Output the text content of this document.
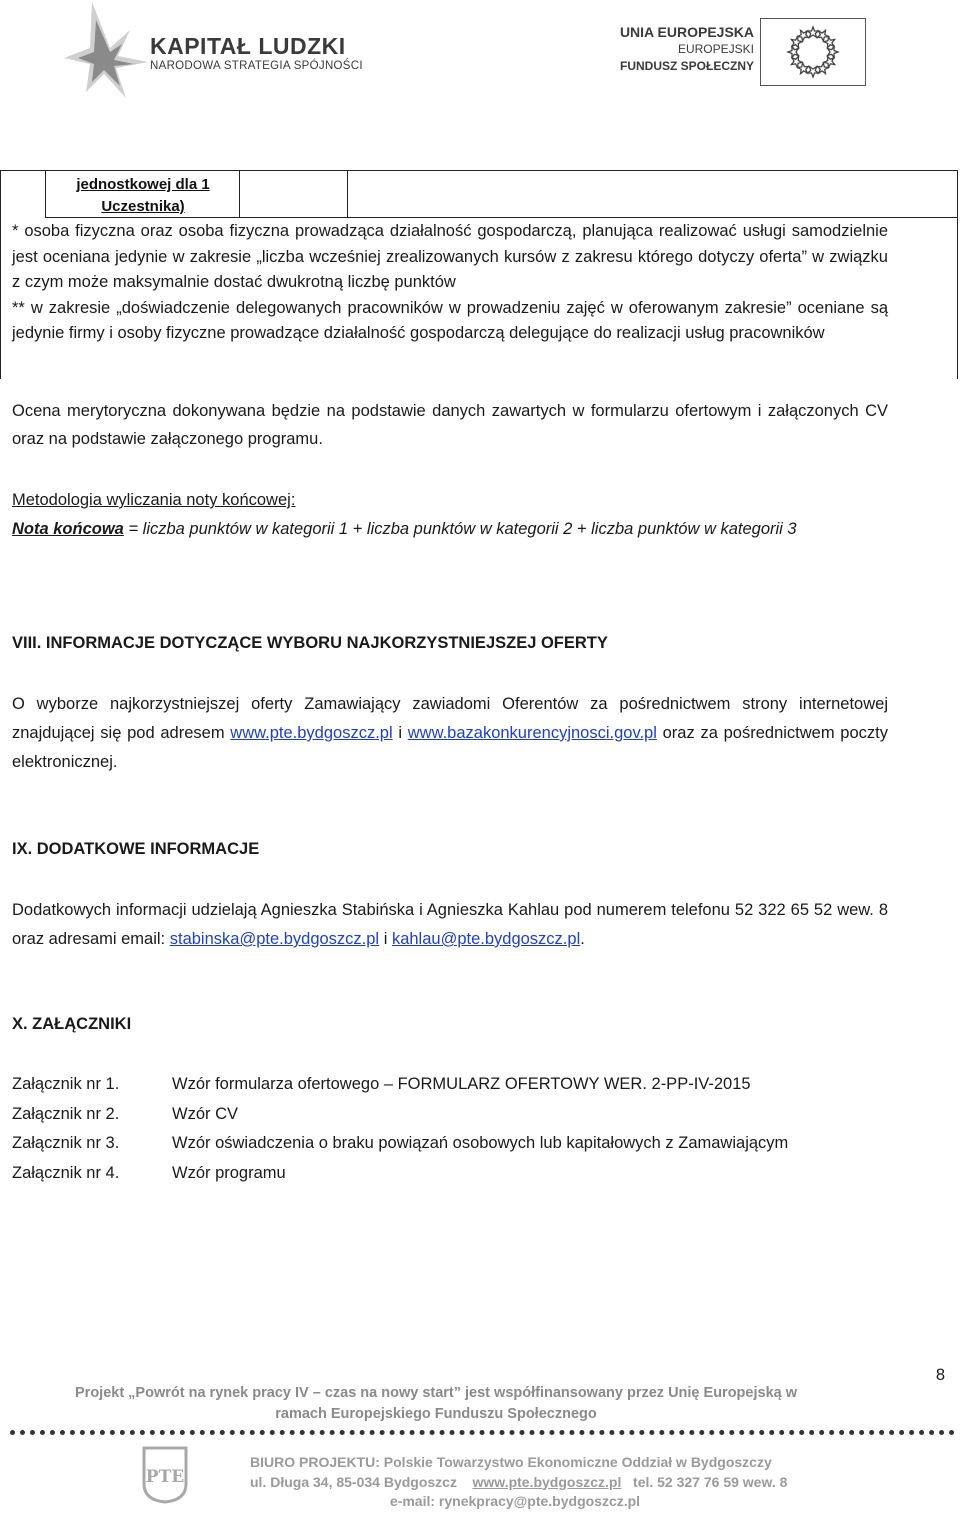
KAPITAŁ LUDZKI
NARODOWA STRATEGIA SPÓJNOŚCI
UNIA EUROPEJSKA
EUROPEJSKI
FUNDUSZ SPOŁECZNY
jednostkowej dla 1
Uczestnika)
* osoba fizyczna oraz osoba fizyczna prowadząca działalność gospodarczą, planująca realizować usługi samodzielnie jest oceniana jedynie w zakresie „liczba wcześniej zrealizowanych kursów z zakresu którego dotyczy oferta” w związku z czym może maksymalnie dostać dwukrotną liczbę punktów
** w zakresie „doświadczenie delegowanych pracowników w prowadzeniu zajęć w oferowanym zakresie” oceniane są jedynie firmy i osoby fizyczne prowadzące działalność gospodarczą delegujące do realizacji usług pracowników
Ocena merytoryczna dokonywana będzie na podstawie danych zawartych w formularzu ofertowym i załączonych CV oraz na podstawie załączonego programu.
Metodologia wyliczania noty końcowej:
Nota końcowa = liczba punktów w kategorii 1 + liczba punktów w kategorii 2 + liczba punktów w kategorii 3
VIII. INFORMACJE DOTYCZĄCE WYBORU NAJKORZYSTNIEJSZEJ OFERTY
O wyborze najkorzystniejszej oferty Zamawiający zawiadomi Oferentów za pośrednictwem strony internetowej znajdującej się pod adresem www.pte.bydgoszcz.pl i www.bazakonkurencyjnosci.gov.pl oraz za pośrednictwem poczty elektronicznej.
IX. DODATKOWE INFORMACJE
Dodatkowych informacji udzielają Agnieszka Stabińska i Agnieszka Kahlau pod numerem telefonu 52 322 65 52 wew. 8 oraz adresami email: stabinska@pte.bydgoszcz.pl i kahlau@pte.bydgoszcz.pl.
X. ZAŁĄCZNIKI
Załącznik nr 1.	Wzór formularza ofertowego – FORMULARZ OFERTOWY WER. 2-PP-IV-2015
Załącznik nr 2.	Wzór CV
Załącznik nr 3.	Wzór oświadczenia o braku powiązań osobowych lub kapitałowych z Zamawiającym
Załącznik nr 4.	Wzór programu
8
Projekt „Powrót na rynek pracy IV – czas na nowy start” jest współfinansowany przez Unię Europejską w
ramach Europejskiego Funduszu Społecznego
PTE
BIURO PROJEKTU: Polskie Towarzystwo Ekonomiczne Oddział w Bydgoszczy
ul. Długa 34, 85-034 Bydgoszcz www.pte.bydgoszcz.pl tel. 52 327 76 59 wew. 8
e-mail: rynekpracy@pte.bydgoszcz.pl
